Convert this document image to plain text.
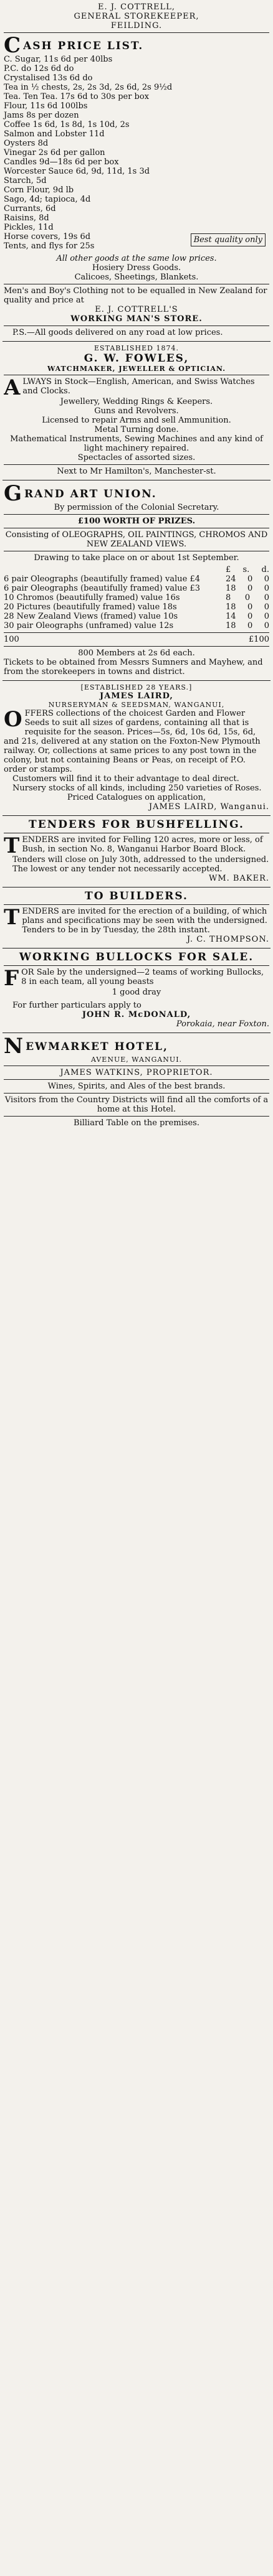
E. J. COTTRELL,

GENERAL STOREKEEPER,

FEILDING.

C ASH PRICE LIST.

C. Sugar, 11s 6d per 40lbs

P.C. do 12s 6d do

Crystalised 13s 6d do

Tea in ½ chests, 2s, 2s 3d, 2s 6d, 2s 9½d

Tea. Ten Tea. 17s 6d to 30s per box

Flour, 11s 6d 100lbs

Jams 8s per dozen

Coffee 1s 6d, 1s 8d, 1s 10d, 2s

Salmon and Lobster 11d

Oysters 8d

Vinegar 2s 6d per gallon

Candles 9d—18s 6d per box

Worcester Sauce 6d, 9d, 11d, 1s 3d

Starch, 5d

Corn Flour, 9d lb

Sago, 4d; tapioca, 4d

Currants, 6d

Raisins, 8d

Pickles, 11d

Horse covers, 19s 6d

Tents, and flys for 25s

Best quality only

All other goods at the same low prices.

Hosiery Dress Goods.

Calicoes, Sheetings, Blankets.

Men's and Boy's Clothing not to be equalled in New Zealand for quality and price at

E. J. COTTRELL'S

WORKING MAN'S STORE.

P.S.—All goods delivered on any road at low prices.

ESTABLISHED 1874.

G. W. FOWLES,

WATCHMAKER, JEWELLER & OPTICIAN.

A LWAYS in Stock—English, American, and Swiss Watches and Clocks.

Jewellery, Wedding Rings & Keepers.

Guns and Revolvers.

Licensed to repair Arms and sell Ammunition.

Metal Turning done.

Mathematical Instruments, Sewing Machines and any kind of light machinery repaired.

Spectacles of assorted sizes.

Next to Mr Hamilton's, Manchester-st.

G RAND ART UNION.

By permission of the Colonial Secretary.

£100 WORTH OF PRIZES.

Consisting of OLEOGRAPHS, OIL PAINTINGS, CHROMOS AND NEW ZEALAND VIEWS.

Drawing to take place on or about 1st September.

£ s. d.
6 pair Oleographs (beautifully framed) value £4	24 0 0
6 pair Oleographs (beautifully framed) value £3	18 0 0
10 Chromos (beautifully framed) value 16s	8 0 0
20 Pictures (beautifully framed) value 18s	18 0 0
28 New Zealand Views (framed) value 10s	14 0 0
30 pair Oleographs (unframed) value 12s	18 0 0
100	£100

800 Members at 2s 6d each.

Tickets to be obtained from Messrs Sumners and Mayhew, and from the storekeepers in towns and district.

[ESTABLISHED 28 YEARS.]

JAMES LAIRD,

NURSERYMAN & SEEDSMAN, WANGANUI,

O FFERS collections of the choicest Garden and Flower Seeds to suit all sizes of gardens, containing all that is requisite for the season. Prices—5s, 6d, 10s 6d, 15s, 6d, and 21s, delivered at any station on the Foxton-New Plymouth railway. Or, collections at same prices to any post town in the colony, but not containing Beans or Peas, on receipt of P.O. order or stamps.

Customers will find it to their advantage to deal direct.

Nursery stocks of all kinds, including 250 varieties of Roses.

Priced Catalogues on application,

JAMES LAIRD, Wanganui.

TENDERS FOR BUSHFELLING.

T ENDERS are invited for Felling 120 acres, more or less, of Bush, in section No. 8, Wanganui Harbor Board Block.

Tenders will close on July 30th, addressed to the undersigned.

The lowest or any tender not necessarily accepted.

WM. BAKER.

TO BUILDERS.

T ENDERS are invited for the erection of a building, of which plans and specifications may be seen with the undersigned. Tenders to be in by Tuesday, the 28th instant.

J. C. THOMPSON.

WORKING BULLOCKS FOR SALE.

F OR Sale by the undersigned—2 teams of working Bullocks, 8 in each team, all young beasts

1 good dray

For further particulars apply to

JOHN R. McDONALD,

Porokaia, near Foxton.

N EWMARKET HOTEL,

AVENUE, WANGANUI.

JAMES WATKINS, PROPRIETOR.

Wines, Spirits, and Ales of the best brands.

Visitors from the Country Districts will find all the comforts of a home at this Hotel.

Billiard Table on the premises.
